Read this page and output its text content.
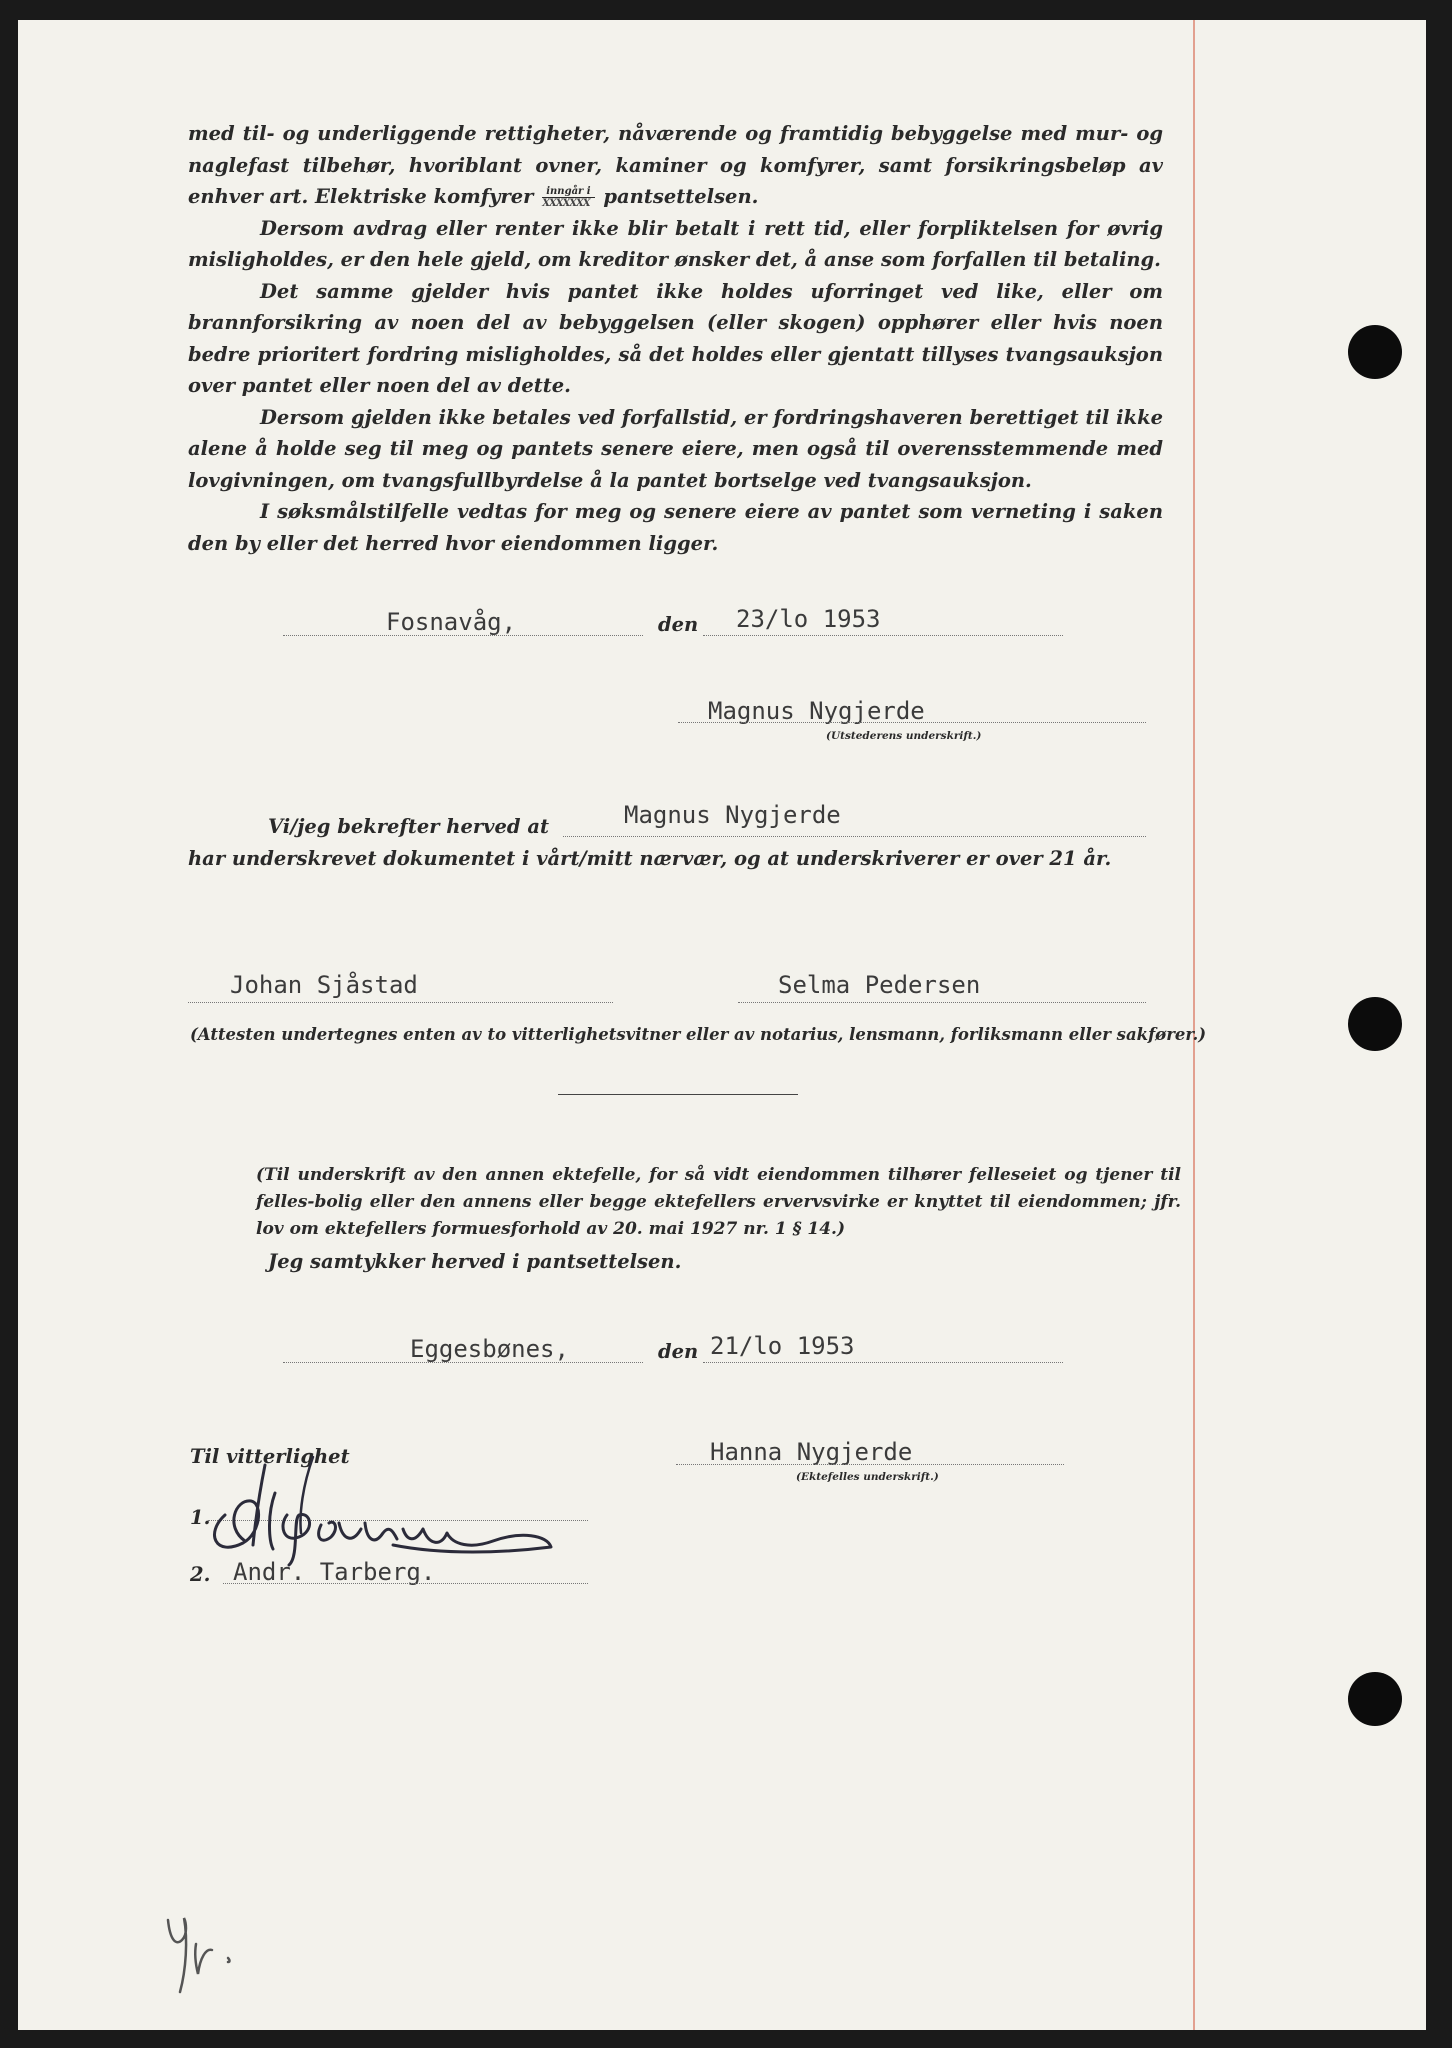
med til- og underliggende rettigheter, nåværende og framtidig bebyggelse med mur- og naglefast tilbehør, hvoriblant ovner, kaminer og komfyrer, samt forsikringsbeløp av enhver art. Elektriske komfyrer inngår i
XXXXXXX pantsettelsen.

Dersom avdrag eller renter ikke blir betalt i rett tid, eller forpliktelsen for øvrig misligholdes, er den hele gjeld, om kreditor ønsker det, å anse som forfallen til betaling.

Det samme gjelder hvis pantet ikke holdes uforringet ved like, eller om brannforsikring av noen del av bebyggelsen (eller skogen) opphører eller hvis noen bedre prioritert fordring misligholdes, så det holdes eller gjentatt tillyses tvangsauksjon over pantet eller noen del av dette.

Dersom gjelden ikke betales ved forfallstid, er fordringshaveren berettiget til ikke alene å holde seg til meg og pantets senere eiere, men også til overensstemmende med lovgivningen, om tvangsfullbyrdelse å la pantet bortselge ved tvangsauksjon.

I søksmålstilfelle vedtas for meg og senere eiere av pantet som verneting i saken den by eller det herred hvor eiendommen ligger.

Fosnavåg,	den 23/lo 1953
Magnus Nygjerde
(Utstederens underskrift.)
Vi/jeg bekrefter herved at	Magnus Nygjerde
har underskrevet dokumentet i vårt/mitt nærvær, og at underskriverer er over 21 år.
Johan Sjåstad	Selma Pedersen
(Attesten undertegnes enten av to vitterlighetsvitner eller av notarius, lensmann, forliksmann eller sakfører.)

(Til underskrift av den annen ektefelle, for så vidt eiendommen tilhører felleseiet og tjener til felles-bolig eller den annens eller begge ektefellers ervervsvirke er knyttet til eiendommen; jfr. lov om ektefellers formuesforhold av 20. mai 1927 nr. 1 § 14.)

Jeg samtykker herved i pantsettelsen.
Eggesbønes,	den 21/lo 1953
Til vitterlighet	Hanna Nygjerde
(Ektefelles underskrift.)
1.
2. Andr. Tarberg.
